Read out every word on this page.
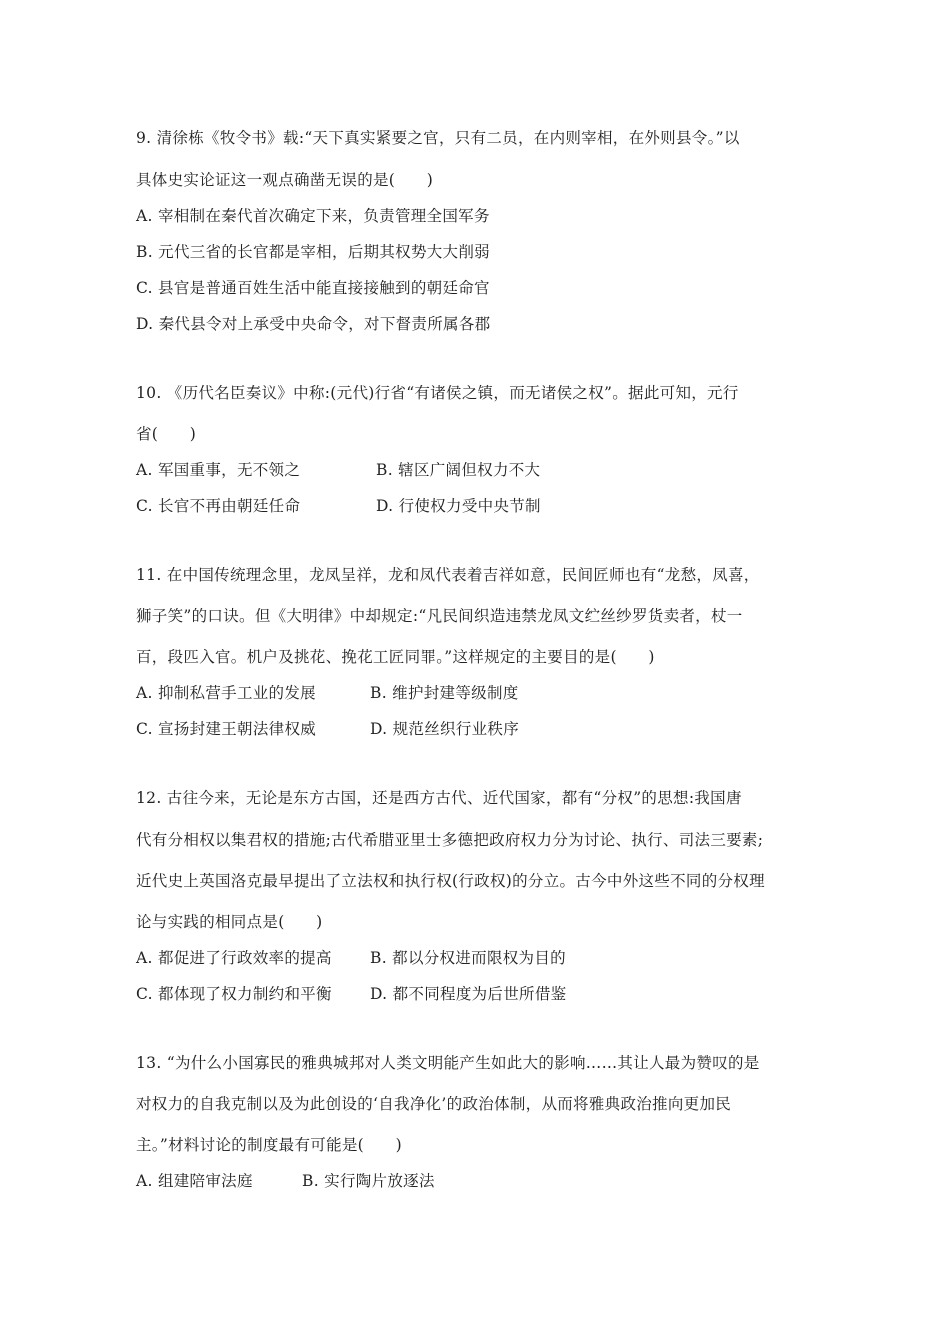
9. 清徐栋《牧令书》载:“天下真实紧要之官，只有二员，在内则宰相，在外则县令。”以
具体史实论证这一观点确凿无误的是(　　)
A. 宰相制在秦代首次确定下来，负责管理全国军务
B. 元代三省的长官都是宰相，后期其权势大大削弱
C. 县官是普通百姓生活中能直接接触到的朝廷命官
D. 秦代县令对上承受中央命令，对下督责所属各郡
10. 《历代名臣奏议》中称:(元代)行省“有诸侯之镇，而无诸侯之权”。据此可知，元行
省(　　)
A. 军国重事，无不领之	B. 辖区广阔但权力不大
C. 长官不再由朝廷任命	D. 行使权力受中央节制
11. 在中国传统理念里，龙凤呈祥，龙和凤代表着吉祥如意，民间匠师也有“龙愁，凤喜，
狮子笑”的口诀。但《大明律》中却规定:“凡民间织造违禁龙凤文纻丝纱罗货卖者，杖一
百，段匹入官。机户及挑花、挽花工匠同罪。”这样规定的主要目的是(　　)
A. 抑制私营手工业的发展	B. 维护封建等级制度
C. 宣扬封建王朝法律权威	D. 规范丝织行业秩序
12. 古往今来，无论是东方古国，还是西方古代、近代国家，都有“分权”的思想:我国唐
代有分相权以集君权的措施;古代希腊亚里士多德把政府权力分为讨论、执行、司法三要素;
近代史上英国洛克最早提出了立法权和执行权(行政权)的分立。古今中外这些不同的分权理
论与实践的相同点是(　　)
A. 都促进了行政效率的提高 B. 都以分权进而限权为目的
C. 都体现了权力制约和平衡 D. 都不同程度为后世所借鉴
13. “为什么小国寡民的雅典城邦对人类文明能产生如此大的影响……其让人最为赞叹的是
对权力的自我克制以及为此创设的‘自我净化’的政治体制，从而将雅典政治推向更加民
主。”材料讨论的制度最有可能是(　　)
A. 组建陪审法庭	B. 实行陶片放逐法
